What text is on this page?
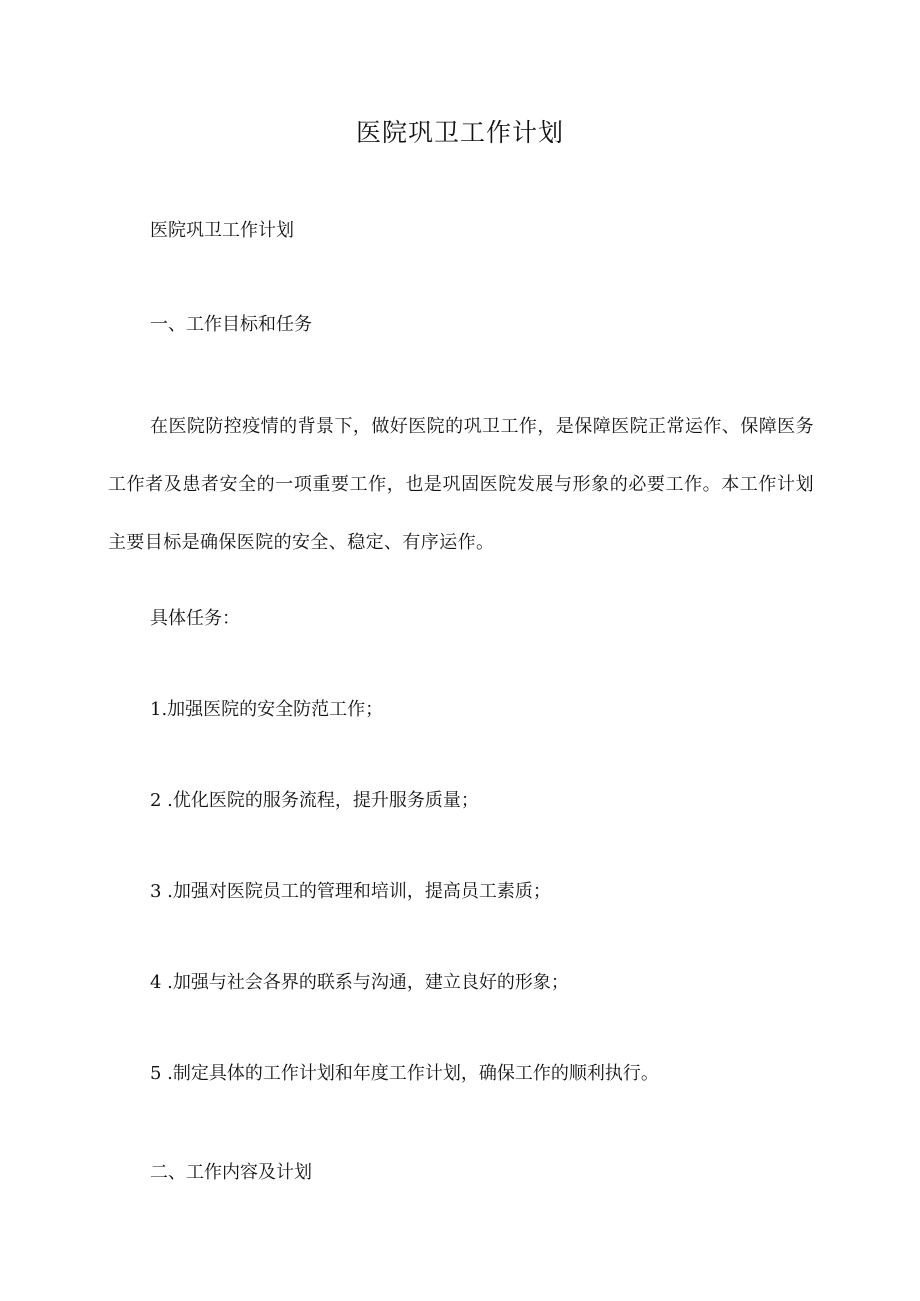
医院巩卫工作计划
医院巩卫工作计划
一、工作目标和任务
在医院防控疫情的背景下，做好医院的巩卫工作，是保障医院正常运作、保障医务工作者及患者安全的一项重要工作，也是巩固医院发展与形象的必要工作。本工作计划主要目标是确保医院的安全、稳定、有序运作。
具体任务：
1.加强医院的安全防范工作；
2 .优化医院的服务流程，提升服务质量；
3 .加强对医院员工的管理和培训，提高员工素质；
4 .加强与社会各界的联系与沟通，建立良好的形象；
5 .制定具体的工作计划和年度工作计划，确保工作的顺利执行。
二、工作内容及计划
